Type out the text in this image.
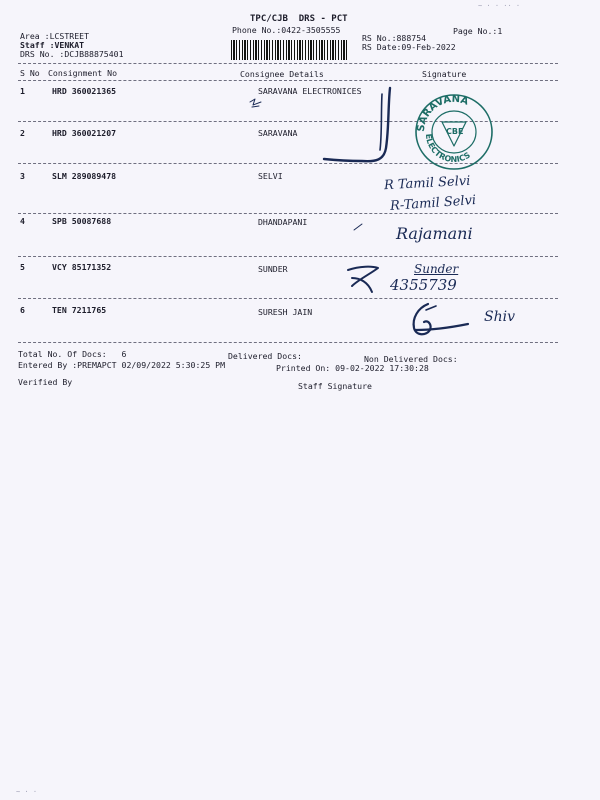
TPC/CJB  DRS - PCT
Phone No.:0422-3505555	Page No.:1
Area :LCSTREET
Staff :VENKAT
DRS No. :DCJB88875401
RS No.:888754
RS Date:09-Feb-2022
~ · · ·· ·
S No Consignment No	Consignee Details	Signature
1	HRD 360021365	SARAVANA ELECTRONICES
2	HRD 360021207	SARAVANA
3	SLM 289089478	SELVI
4	SPB 50087688	DHANDAPANI
5	VCY 85171352	SUNDER
6	TEN 7211765	SURESH JAIN
SARAVANA
ELECTRONICS
CBE
R Tamil Selvi
R-Tamil Selvi
Rajamani
Sunder
4355739
Shiv
Total No. Of Docs:   6	Delivered Docs:	Non Delivered Docs:
Entered By :PREMAPCT 02/09/2022 5:30:25 PM	Printed On: 09-02-2022 17:30:28
Verified By	Staff Signature
~ · ·
